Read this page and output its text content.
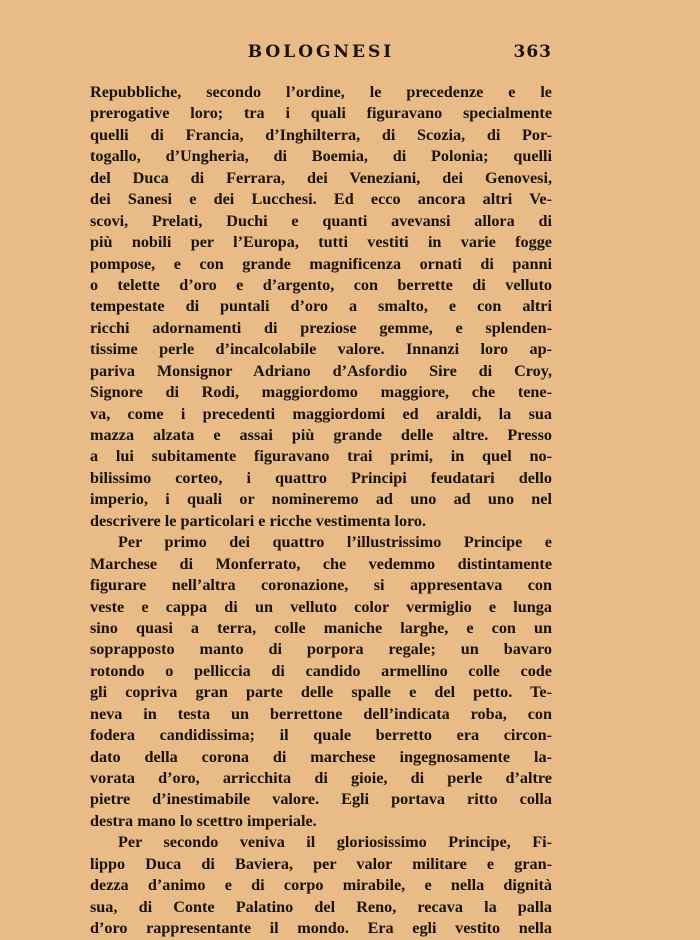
BOLOGNESI	363
Repubbliche, secondo l’ordine, le precedenze e le
prerogative loro; tra i quali figuravano specialmente
quelli di Francia, d’Inghilterra, di Scozia, di Por-
togallo, d’Ungheria, di Boemia, di Polonia; quelli
del Duca di Ferrara, dei Veneziani, dei Genovesi,
dei Sanesi e dei Lucchesi. Ed ecco ancora altri Ve-
scovi, Prelati, Duchi e quanti avevansi allora di
più nobili per l’Europa, tutti vestiti in varie fogge
pompose, e con grande magnificenza ornati di panni
o telette d’oro e d’argento, con berrette di velluto
tempestate di puntali d’oro a smalto, e con altri
ricchi adornamenti di preziose gemme, e splenden-
tissime perle d’incalcolabile valore. Innanzi loro ap-
pariva Monsignor Adriano d’Asfordio Sire di Croy,
Signore di Rodi, maggiordomo maggiore, che tene-
va, come i precedenti maggiordomi ed araldi, la sua
mazza alzata e assai più grande delle altre. Presso
a lui subitamente figuravano trai primi, in quel no-
bilissimo corteo, i quattro Principi feudatari dello
imperio, i quali or nomineremo ad uno ad uno nel
descrivere le particolari e ricche vestimenta loro.
Per primo dei quattro l’illustrissimo Principe e
Marchese di Monferrato, che vedemmo distintamente
figurare nell’altra coronazione, si appresentava con
veste e cappa di un velluto color vermiglio e lunga
sino quasi a terra, colle maniche larghe, e con un
soprapposto manto di porpora regale; un bavaro
rotondo o pelliccia di candido armellino colle code
gli copriva gran parte delle spalle e del petto. Te-
neva in testa un berrettone dell’indicata roba, con
fodera candidissima; il quale berretto era circon-
dato della corona di marchese ingegnosamente la-
vorata d’oro, arricchita di gioie, di perle d’altre
pietre d’inestimabile valore. Egli portava ritto colla
destra mano lo scettro imperiale.
Per secondo veniva il gloriosissimo Principe, Fi-
lippo Duca di Baviera, per valor militare e gran-
dezza d’animo e di corpo mirabile, e nella dignità
sua, di Conte Palatino del Reno, recava la palla
d’oro rappresentante il mondo. Era egli vestito nella
